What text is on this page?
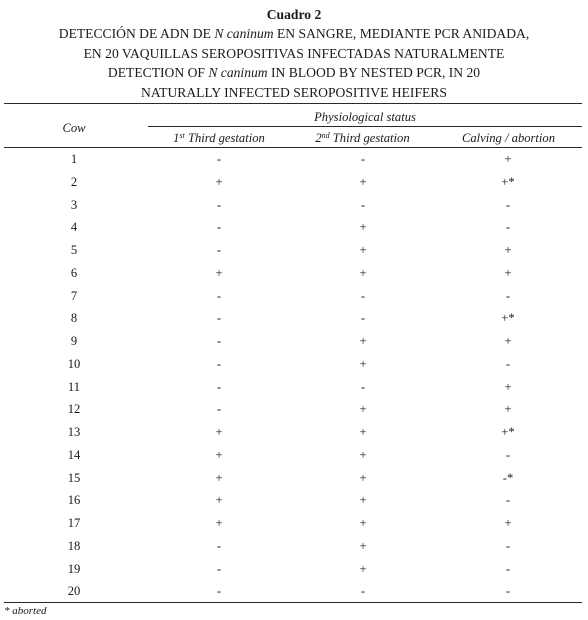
Cuadro 2
DETECCIÓN DE ADN DE N caninum EN SANGRE, MEDIANTE PCR ANIDADA,
EN 20 VAQUILLAS SEROPOSITIVAS INFECTADAS NATURALMENTE
DETECTION OF N caninum IN BLOOD BY NESTED PCR, IN 20
NATURALLY INFECTED SEROPOSITIVE HEIFERS
Cow
Physiological status
1st Third gestation	2nd Third gestation	Calving / abortion
1	-	-	+
2	+	+	+*
3	-	-	-
4	-	+	-
5	-	+	+
6	+	+	+
7	-	-	-
8	-	-	+*
9	-	+	+
10	-	+	-
11	-	-	+
12	-	+	+
13	+	+	+*
14	+	+	-
15	+	+	-*
16	+	+	-
17	+	+	+
18	-	+	-
19	-	+	-
20	-	-	-
* aborted
